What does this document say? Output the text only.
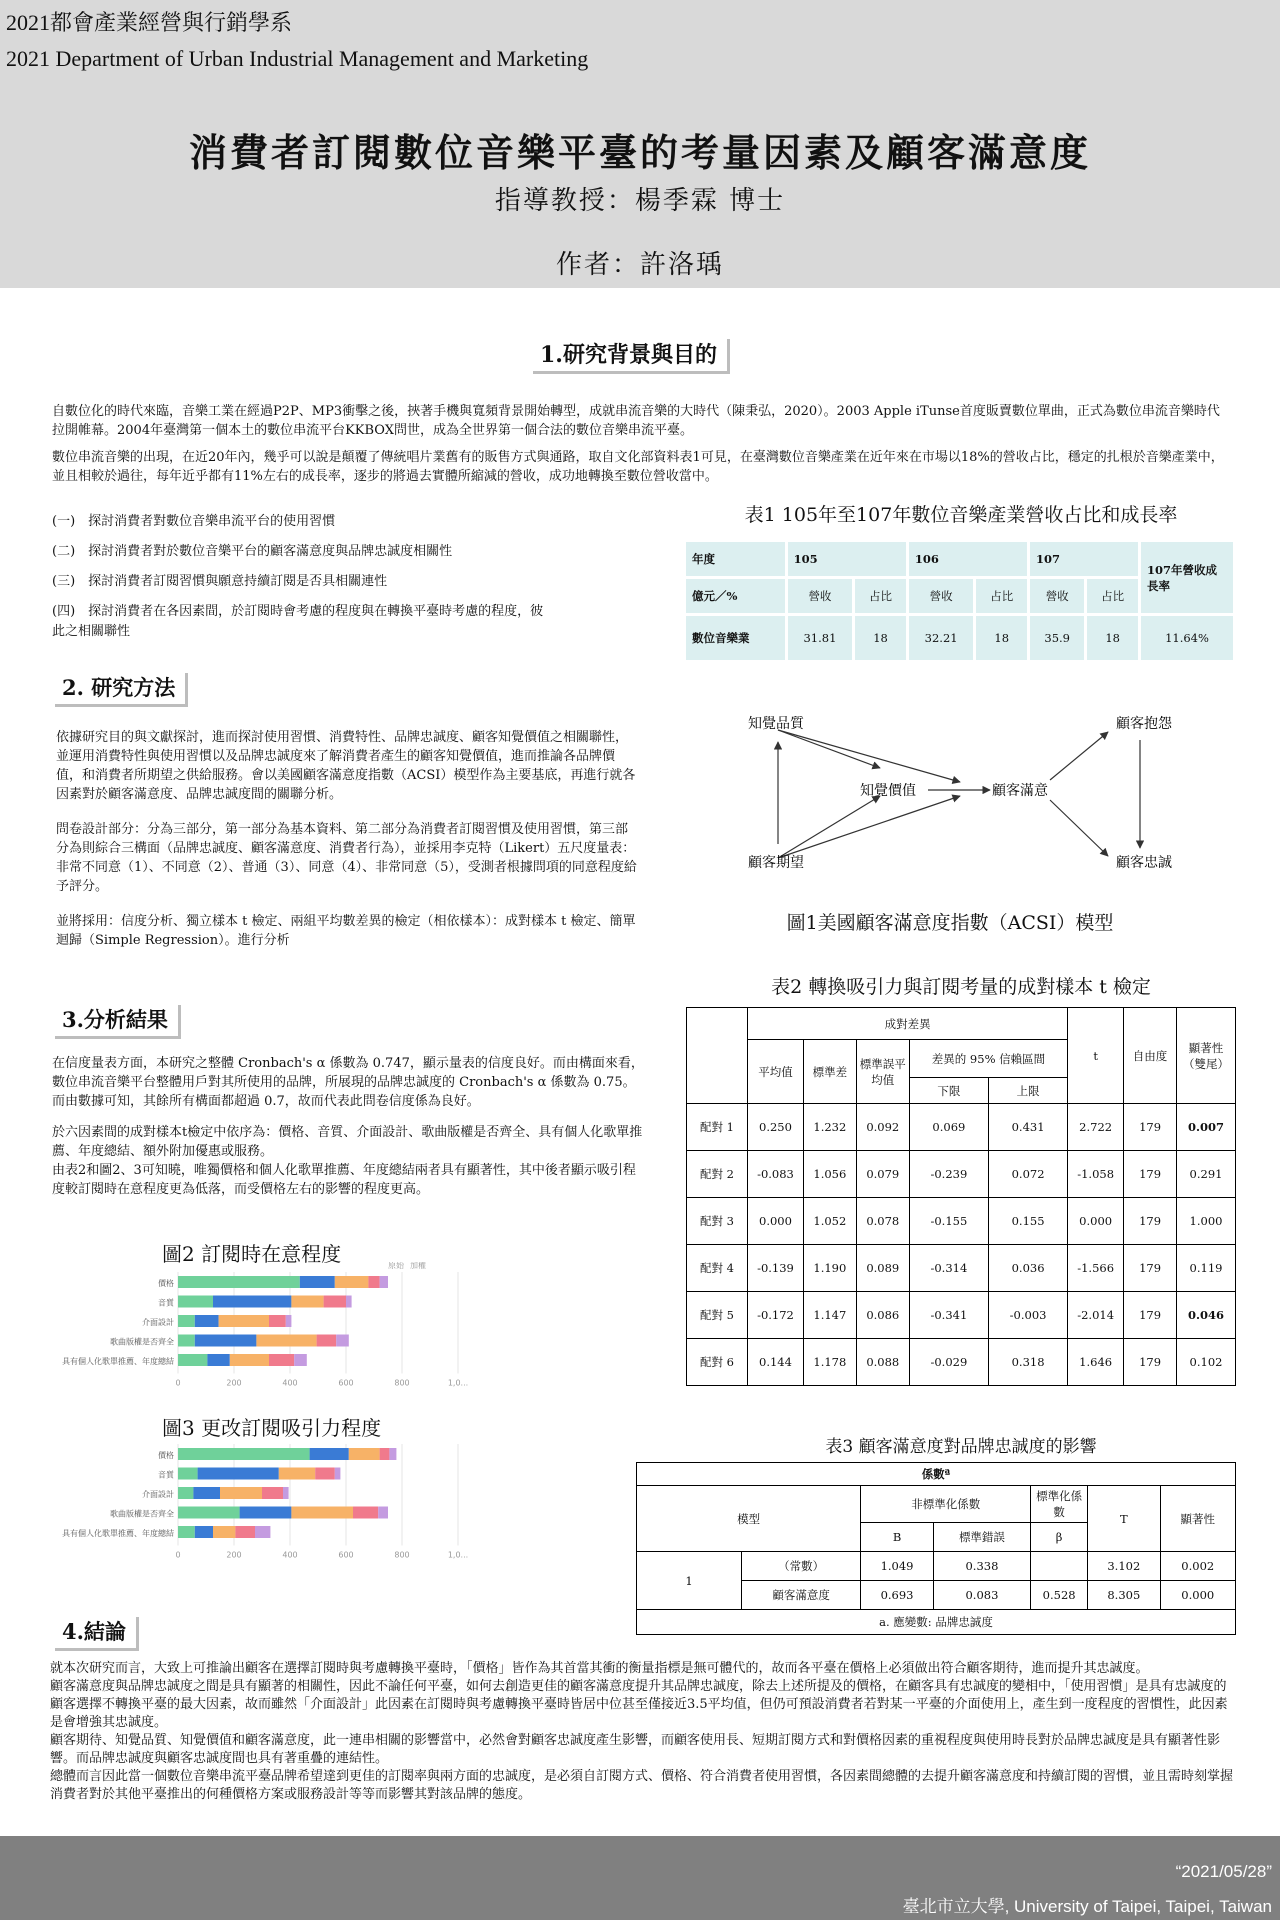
2021都會產業經營與行銷學系
2021 Department of Urban Industrial Management and Marketing
消費者訂閱數位音樂平臺的考量因素及顧客滿意度
指導教授：楊季霖 博士
作者：許洛瑀
1.研究背景與目的

自數位化的時代來臨，音樂工業在經過P2P、MP3衝擊之後，挾著手機與寬頻背景開始轉型，成就串流音樂的大時代（陳秉弘，2020）。2003 Apple iTunse首度販賣數位單曲，正式為數位串流音樂時代拉開帷幕。2004年臺灣第一個本土的數位串流平台KKBOX問世，成為全世界第一個合法的數位音樂串流平臺。

數位串流音樂的出現，在近20年內，幾乎可以說是顛覆了傳統唱片業舊有的販售方式與通路，取自文化部資料表1可見，在臺灣數位音樂產業在近年來在市場以18%的營收占比，穩定的扎根於音樂產業中，並且相較於過往，每年近乎都有11%左右的成長率，逐步的將過去實體所縮減的營收，成功地轉換至數位營收當中。

(一)　探討消費者對數位音樂串流平台的使用習慣

(二)　探討消費者對於數位音樂平台的顧客滿意度與品牌忠誠度相關性

(三)　探討消費者訂閱習慣與願意持續訂閱是否具相關連性

(四)　探討消費者在各因素間，於訂閱時會考慮的程度與在轉換平臺時考慮的程度，彼此之相關聯性

表1 105年至107年數位音樂產業營收占比和成長率
年度	105		106		107		107年營收成長率
億元／%	營收	占比	營收	占比	營收	占比	
數位音樂業	31.81	18	32.21	18	35.9	18	11.64%
2. 研究方法

依據研究目的與文獻探討，進而探討使用習慣、消費特性、品牌忠誠度、顧客知覺價值之相關聯性，並運用消費特性與使用習慣以及品牌忠誠度來了解消費者產生的顧客知覺價值，進而推論各品牌價值，和消費者所期望之供給服務。會以美國顧客滿意度指數（ACSI）模型作為主要基底，再進行就各因素對於顧客滿意度、品牌忠誠度間的關聯分析。

問卷設計部分：分為三部分，第一部分為基本資料、第二部分為消費者訂閱習慣及使用習慣，第三部分為則綜合三構面（品牌忠誠度、顧客滿意度、消費者行為），並採用李克特（Likert）五尺度量表：非常不同意（1）、不同意（2）、普通（3）、同意（4）、非常同意（5），受測者根據問項的同意程度給予評分。

並將採用：信度分析、獨立樣本 t 檢定、兩組平均數差異的檢定（相依樣本）：成對樣本 t 檢定、簡單迴歸（Simple Regression）。進行分析

知覺品質
知覺價值	顧客滿意
顧客抱怨
顧客期望	顧客忠誠
圖1美國顧客滿意度指數（ACSI）模型
3.分析結果

在信度量表方面，本研究之整體 Cronbach's α 係數為 0.747，顯示量表的信度良好。而由構面來看，數位串流音樂平台整體用戶對其所使用的品牌，所展現的品牌忠誠度的 Cronbach's α 係數為 0.75。而由數據可知，其餘所有構面都超過 0.7，故而代表此問卷信度係為良好。

於六因素間的成對樣本t檢定中依序為：價格、音質、介面設計、歌曲版權是否齊全、具有個人化歌單推薦、年度總結、額外附加優惠或服務。

由表2和圖2、3可知曉，唯獨價格和個人化歌單推薦、年度總結兩者具有顯著性，其中後者顯示吸引程度較訂閱時在意程度更為低落，而受價格左右的影響的程度更高。

圖2 訂閱時在意程度
0	200	400	600	800	1,0...
價格
音質
介面設計
歌曲版權是否齊全
具有個人化歌單推薦、年度總結
原始 加權
圖3 更改訂閱吸引力程度
0	200	400	600	800	1,0...
價格
音質
介面設計
歌曲版權是否齊全
具有個人化歌單推薦、年度總結
表2 轉換吸引力與訂閱考量的成對樣本 t 檢定
	成對差異					t	自由度	顯著性（雙尾）
	平均值	標準差	標準誤平均值	差異的 95% 信賴區間				
				下限	上限			
配對 1	0.250	1.232	0.092	0.069	0.431	2.722	179	0.007
配對 2	-0.083	1.056	0.079	-0.239	0.072	-1.058	179	0.291
配對 3	0.000	1.052	0.078	-0.155	0.155	0.000	179	1.000
配對 4	-0.139	1.190	0.089	-0.314	0.036	-1.566	179	0.119
配對 5	-0.172	1.147	0.086	-0.341	-0.003	-2.014	179	0.046
配對 6	0.144	1.178	0.088	-0.029	0.318	1.646	179	0.102
表3 顧客滿意度對品牌忠誠度的影響
係數ª						
模型		非標準化係數		標準化係數	T	顯著性

		B	標準錯誤	β		
1	（常數）	1.049	0.338		3.102	0.002
	顧客滿意度	0.693	0.083	0.528	8.305	0.000
a. 應變數: 品牌忠誠度						
4.結論

就本次研究而言，大致上可推論出顧客在選擇訂閱時與考慮轉換平臺時，「價格」皆作為其首當其衝的衡量指標是無可體代的，故而各平臺在價格上必須做出符合顧客期待，進而提升其忠誠度。

顧客滿意度與品牌忠誠度之間是具有顯著的相關性，因此不論任何平臺，如何去創造更佳的顧客滿意度提升其品牌忠誠度，除去上述所提及的價格，在顧客具有忠誠度的變相中，「使用習慣」是具有忠誠度的顧客選擇不轉換平臺的最大因素，故而雖然「介面設計」此因素在訂閱時與考慮轉換平臺時皆居中位甚至僅接近3.5平均值，但仍可預設消費者若對某一平臺的介面使用上，產生到一度程度的習慣性，此因素是會增強其忠誠度。

顧客期待、知覺品質、知覺價值和顧客滿意度，此一連串相關的影響當中，必然會對顧客忠誠度產生影響，而顧客使用長、短期訂閱方式和對價格因素的重視程度與使用時長對於品牌忠誠度是具有顯著性影響。而品牌忠誠度與顧客忠誠度間也具有著重疊的連結性。

總體而言因此當一個數位音樂串流平臺品牌希望達到更佳的訂閱率與兩方面的忠誠度，是必須自訂閱方式、價格、符合消費者使用習慣，各因素間總體的去提升顧客滿意度和持續訂閱的習慣，並且需時刻掌握消費者對於其他平臺推出的何種價格方案或服務設計等等而影響其對該品牌的態度。

“2021/05/28”
臺北市立大學, University of Taipei, Taipei, Taiwan
